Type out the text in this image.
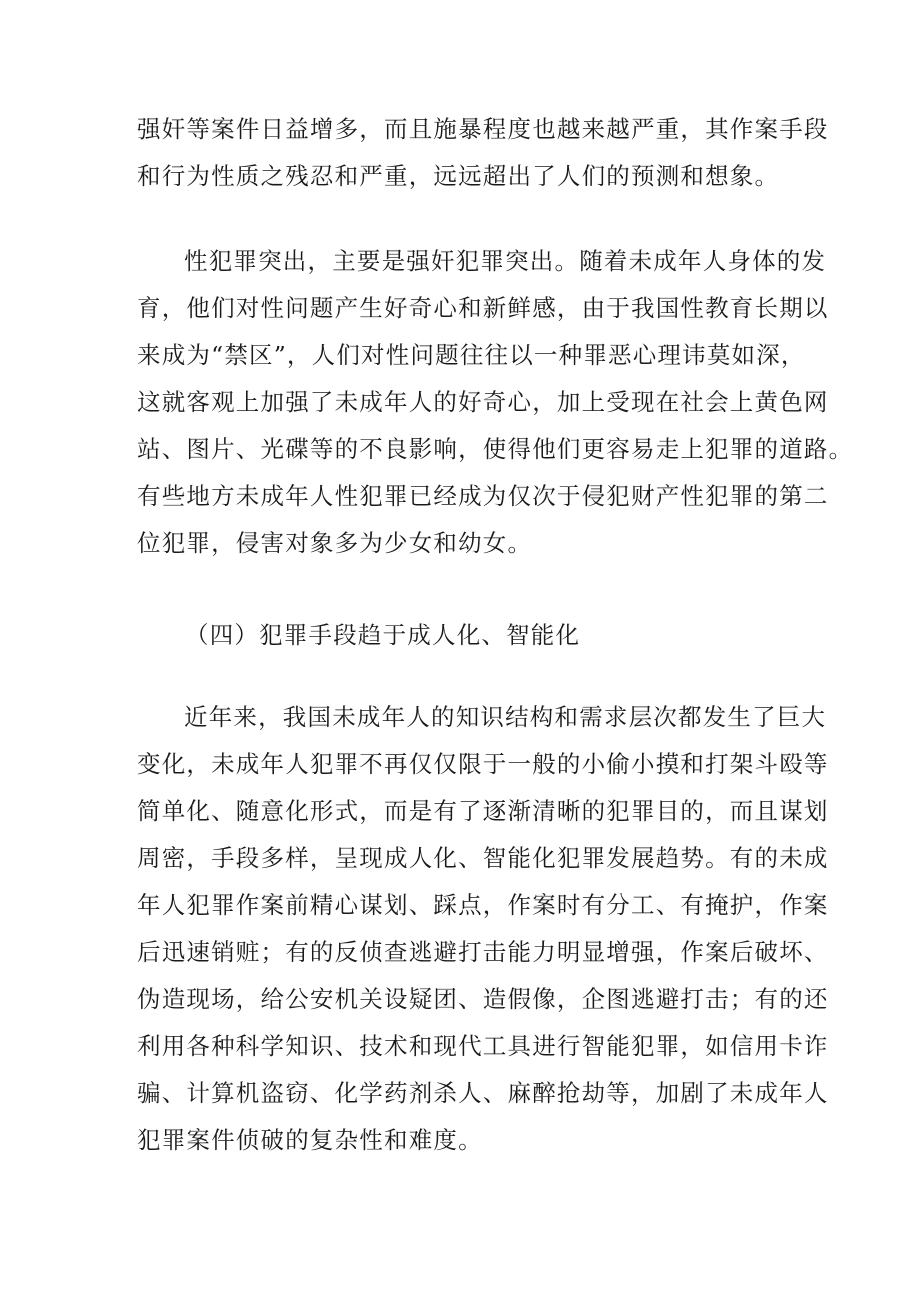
强奸等案件日益增多，而且施暴程度也越来越严重，其作案手段
和行为性质之残忍和严重，远远超出了人们的预测和想象。
性犯罪突出，主要是强奸犯罪突出。随着未成年人身体的发
育，他们对性问题产生好奇心和新鲜感，由于我国性教育长期以
来成为“禁区”，人们对性问题往往以一种罪恶心理讳莫如深，
这就客观上加强了未成年人的好奇心，加上受现在社会上黄色网
站、图片、光碟等的不良影响，使得他们更容易走上犯罪的道路。
有些地方未成年人性犯罪已经成为仅次于侵犯财产性犯罪的第二
位犯罪，侵害对象多为少女和幼女。
（四）犯罪手段趋于成人化、智能化
近年来，我国未成年人的知识结构和需求层次都发生了巨大
变化，未成年人犯罪不再仅仅限于一般的小偷小摸和打架斗殴等
简单化、随意化形式，而是有了逐渐清晰的犯罪目的，而且谋划
周密，手段多样，呈现成人化、智能化犯罪发展趋势。有的未成
年人犯罪作案前精心谋划、踩点，作案时有分工、有掩护，作案
后迅速销赃；有的反侦查逃避打击能力明显增强，作案后破坏、
伪造现场，给公安机关设疑团、造假像，企图逃避打击；有的还
利用各种科学知识、技术和现代工具进行智能犯罪，如信用卡诈
骗、计算机盗窃、化学药剂杀人、麻醉抢劫等，加剧了未成年人
犯罪案件侦破的复杂性和难度。
